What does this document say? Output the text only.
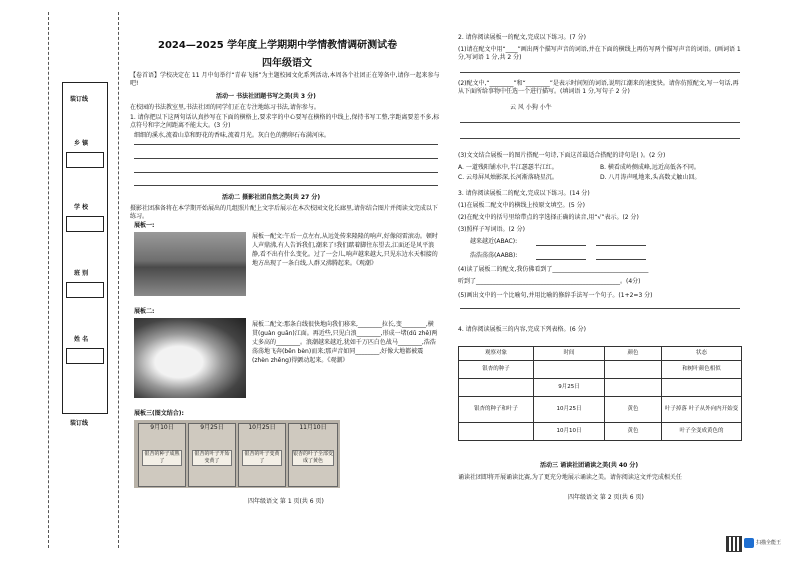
装订线
装订线
乡 镇
学 校
班 别
姓 名
2024—2025 学年度上学期期中学情教情调研测试卷
四年级语文
【卷首语】学校决定在 11 月中旬举行“青春飞扬”为主题校园文化系列活动,本周各个社团正在筹备中,请你一起来参与吧!
活动一 书法社团题书写之美(共 3 分)
在校园的书法教室里,书法社团的同学们正在专注地练习书法,请你参与。
1. 请你把以下这两句话认真抄写在下面的横格上,要求字的中心要写在横格的中线上,保持书写工整,字距离要差不多,标点符号和字之间距离不能太大。(3 分)
细细的溪水,流着山草和野花的香味,流着月光。灰白色的鹅卵石布满河床。
活动二 摄影社团自然之美(共 27 分)
摄影社团准备将在本学期开始展出的几组照片配上文字后展示在本次校园文化长廊里,请你结合图片并阅读文完成以下练习。
展板一:
展板一配文:午后一点左右,从远处传来隆隆的响声,好像闷雷滚动。顿时人声鼎沸,有人告诉我们,潮来了!我们踮着脚往东望去,江面还是风平浪静,看不出有什么变化。过了一会儿,响声越来越大,只见东边水天相接的地方出现了一条白线,人群又沸腾起来。《观潮》
展板二:
展板二配文:那条白线很快地向我们移来,________拉长,变________,横贯(guàn guān)江面。再近些,只见白浪________,形成一堵(dǔ zhě)两丈多高的________。浪潮越来越近,犹如千万匹白色战马________,浩浩荡荡地飞奔(bēn bèn)而来;那声音如同________,好像大地都被震(zhèn zhěng)得颤动起来。《观潮》
展板三(图文结合):
9月10日
银杏的种子成熟了
9月25日
银杏的叶子开始变黄了
10月25日
银杏的叶子变黄了
11月10日
银杏的叶子全部变成了黄色
四年级语文 第 1 页(共 6 页)
2. 请你阅读展板一的配文,完成以下练习。(7 分)
(1)请在配文中用“____”画出两个描写声音的词语,并在下面的横线上再仿写两个描写声音的词语。(画词语 1 分,写词语 1 分,共 2 分)
(2)配文中,“________”和“________”是表示时间短的词语,说明江潮来的速度快。请你仿照配文,写一句话,再从下面所给事物中任选一个进行描写。(填词语 1 分,写句子 2 分)
云 风 小狗 小牛
(3)文文结合展板一的图片搭配一句诗,下面这首最适合搭配的诗句是( )。(2 分)
A. 一道残阳铺水中,半江瑟瑟半江红。	B. 横看成岭侧成峰,远近高低各不同。
C. 云母屏风烛影深,长河渐落晓星沉。	D. 八月涛声吼地来,头高数丈触山回。
3. 请你阅读展板二的配文,完成以下练习。(14 分)
(1)在展板二配文中的横线上按原文填空。(5 分)
(2)在配文中的括号里给带点的字选择正确的读音,用“√”表示。(2 分)
(3)照样子写词语。(2 分)
越来越近(ABAC):
浩浩荡荡(AABB):
(4)读了展板二的配文,我仿佛看到了________________________________
听到了________________________________________________。(4分)
(5)画出文中的一个比喻句,并用比喻的修辞手法写一个句子。(1+2=3 分)
4. 请你阅读展板三的内容,完成下列表格。(6 分)
观察对象	时间	颜色	状态
银杏的种子			和树叶颜色相似
	9月25日		
银杏的种子和叶子	10月25日	黄色	叶子掉落 叶子从外向内开始变
	10月10日	黄色	叶子全变成黄色的
活动三 诵读社团诵读之美(共 40 分)
诵读社团即将开展诵读比赛,为了更充分地展示诵读之美。请你阅读这文并完成相关任
四年级语文 第 2 页(共 6 页)
扫描全能王
